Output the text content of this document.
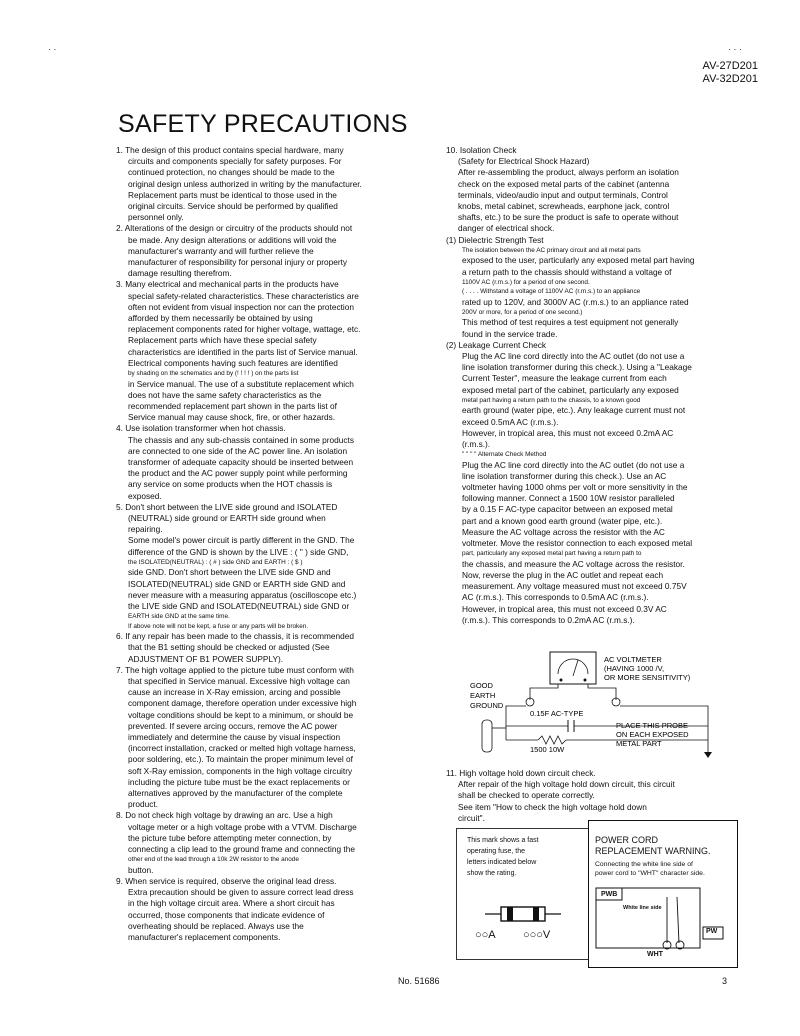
· ·	· · ·
AV-27D201
AV-32D201
SAFETY PRECAUTIONS

1. The design of this product contains special hardware, many

circuits and components specially for safety purposes. For

continued protection, no changes should be made to the

original design unless authorized in writing by the manufacturer.

Replacement parts must be identical to those used in the

original circuits. Service should be performed by qualified

personnel only.

2. Alterations of the design or circuitry of the products should not

be made. Any design alterations or additions will void the

manufacturer's warranty and will further relieve the

manufacturer of responsibility for personal injury or property

damage resulting therefrom.

3. Many electrical and mechanical parts in the products have

special safety-related characteristics. These characteristics are

often not evident from visual inspection nor can the protection

afforded by them necessarily be obtained by using

replacement components rated for higher voltage, wattage, etc.

Replacement parts which have these special safety

characteristics are identified in the parts list of Service manual.

Electrical components having such features are identified

by shading on the schematics and by (! ! ! ! ) on the parts list

in Service manual. The use of a substitute replacement which

does not have the same safety characteristics as the

recommended replacement part shown in the parts list of

Service manual may cause shock, fire, or other hazards.

4. Use isolation transformer when hot chassis.

The chassis and any sub-chassis contained in some products

are connected to one side of the AC power line. An isolation

transformer of adequate capacity should be inserted between

the product and the AC power supply point while performing

any service on some products when the HOT chassis is

exposed.

5. Don't short between the LIVE side ground and ISOLATED

(NEUTRAL) side ground or EARTH side ground when

repairing.

Some model's power circuit is partly different in the GND. The

difference of the GND is shown by the LIVE : ( " ) side GND,

the ISOLATED(NEUTRAL) : ( # ) side GND and EARTH : ( $ )

side GND. Don't short between the LIVE side GND and

ISOLATED(NEUTRAL) side GND or EARTH side GND and

never measure with a measuring apparatus (oscilloscope etc.)

the LIVE side GND and ISOLATED(NEUTRAL) side GND or

EARTH side GND at the same time.

If above note will not be kept, a fuse or any parts will be broken.

6. If any repair has been made to the chassis, it is recommended

that the B1 setting should be checked or adjusted (See

ADJUSTMENT OF B1 POWER SUPPLY).

7. The high voltage applied to the picture tube must conform with

that specified in Service manual. Excessive high voltage can

cause an increase in X-Ray emission, arcing and possible

component damage, therefore operation under excessive high

voltage conditions should be kept to a minimum, or should be

prevented. If severe arcing occurs, remove the AC power

immediately and determine the cause by visual inspection

(incorrect installation, cracked or melted high voltage harness,

poor soldering, etc.). To maintain the proper minimum level of

soft X-Ray emission, components in the high voltage circuitry

including the picture tube must be the exact replacements or

alternatives approved by the manufacturer of the complete

product.

8. Do not check high voltage by drawing an arc. Use a high

voltage meter or a high voltage probe with a VTVM. Discharge

the picture tube before attempting meter connection, by

connecting a clip lead to the ground frame and connecting the

other end of the lead through a 10k 2W resistor to the anode

button.

9. When service is required, observe the original lead dress.

Extra precaution should be given to assure correct lead dress

in the high voltage circuit area. Where a short circuit has

occurred, those components that indicate evidence of

overheating should be replaced. Always use the

manufacturer's replacement components.

10. Isolation Check

(Safety for Electrical Shock Hazard)

After re-assembling the product, always perform an isolation

check on the exposed metal parts of the cabinet (antenna

terminals, video/audio input and output terminals, Control

knobs, metal cabinet, screwheads, earphone jack, control

shafts, etc.) to be sure the product is safe to operate without

danger of electrical shock.

(1) Dielectric Strength Test

The isolation between the AC primary circuit and all metal parts

exposed to the user, particularly any exposed metal part having

a return path to the chassis should withstand a voltage of

1100V AC (r.m.s.) for a period of one second.

( . . . . Withstand a voltage of 1100V AC (r.m.s.) to an appliance

rated up to 120V, and 3000V AC (r.m.s.) to an appliance rated

200V or more, for a period of one second.)

This method of test requires a test equipment not generally

found in the service trade.

(2) Leakage Current Check

Plug the AC line cord directly into the AC outlet (do not use a

line isolation transformer during this check.). Using a "Leakage

Current Tester", measure the leakage current from each

exposed metal part of the cabinet, particularly any exposed

metal part having a return path to the chassis, to a known good

earth ground (water pipe, etc.). Any leakage current must not

exceed 0.5mA AC (r.m.s.).

However, in tropical area, this must not exceed 0.2mA AC

(r.m.s.).

" " " " Alternate Check Method

Plug the AC line cord directly into the AC outlet (do not use a

line isolation transformer during this check.). Use an AC

voltmeter having 1000 ohms per volt or more sensitivity in the

following manner. Connect a 1500 10W resistor paralleled

by a 0.15 F AC-type capacitor between an exposed metal

part and a known good earth ground (water pipe, etc.).

Measure the AC voltage across the resistor with the AC

voltmeter. Move the resistor connection to each exposed metal

part, particularly any exposed metal part having a return path to

the chassis, and measure the AC voltage across the resistor.

Now, reverse the plug in the AC outlet and repeat each

measurement. Any voltage measured must not exceed 0.75V

AC (r.m.s.). This corresponds to 0.5mA AC (r.m.s.).

However, in tropical area, this must not exceed 0.3V AC

(r.m.s.). This corresponds to 0.2mA AC (r.m.s.).

AC VOLTMETER
(HAVING 1000 /V,
OR MORE SENSITIVITY)
GOOD
EARTH
GROUND
0.15F AC-TYPE
1500 10W
PLACE THIS PROBE
ON EACH EXPOSED
METAL PART

11. High voltage hold down circuit check.

After repair of the high voltage hold down circuit, this circuit

shall be checked to operate correctly.

See item "How to check the high voltage hold down

circuit".

This mark shows a fast
operating fuse, the
letters indicated below
show the rating.
○○A ○○○V
POWER CORD
REPLACEMENT WARNING.
Connecting the white line side of
power cord to "WHT" character side.
PWB
White line side
PW
WHT
No. 51686	3
